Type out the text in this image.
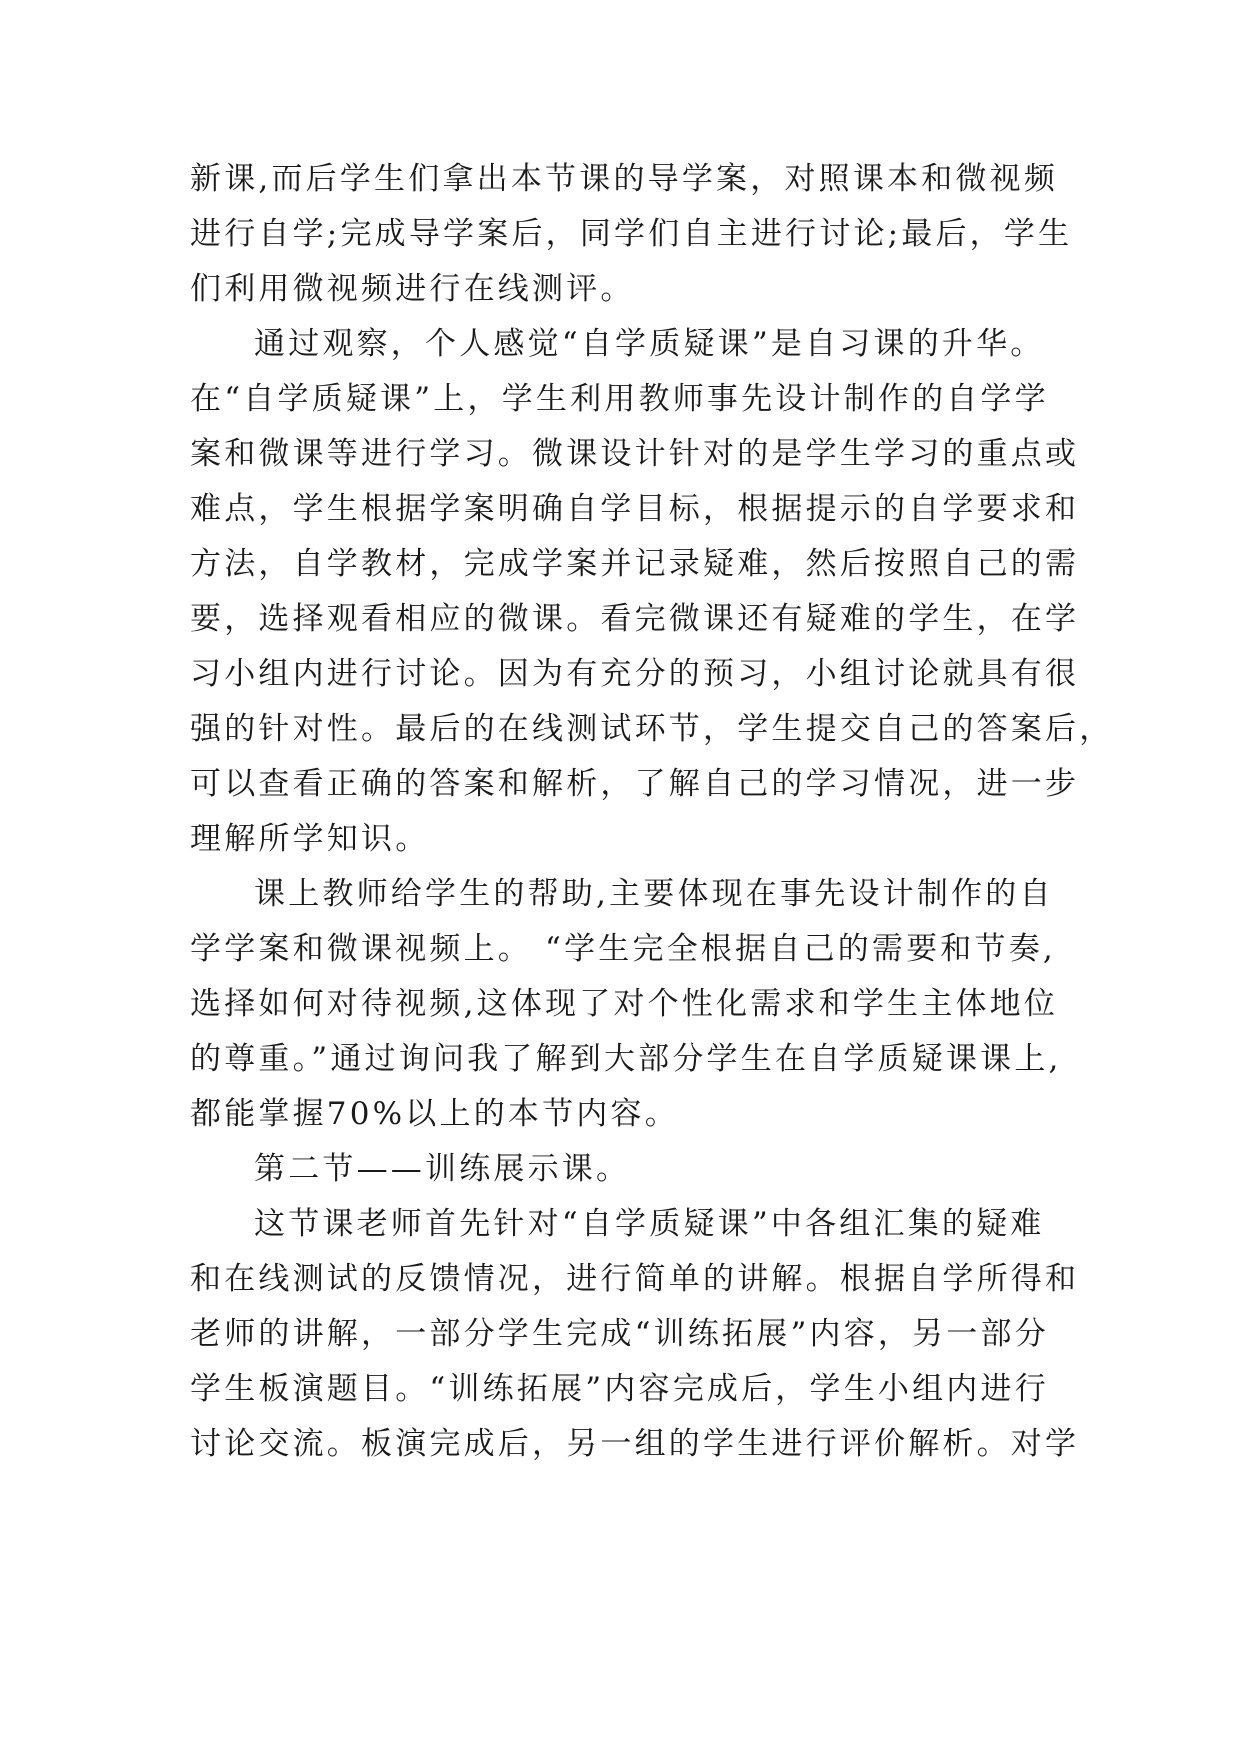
新课,而后学生们拿出本节课的导学案，对照课本和微视频
进行自学;完成导学案后，同学们自主进行讨论;最后，学生
们利用微视频进行在线测评。
通过观察，个人感觉“自学质疑课”是自习课的升华。
在“自学质疑课”上，学生利用教师事先设计制作的自学学
案和微课等进行学习。微课设计针对的是学生学习的重点或
难点，学生根据学案明确自学目标，根据提示的自学要求和
方法，自学教材，完成学案并记录疑难，然后按照自己的需
要，选择观看相应的微课。看完微课还有疑难的学生，在学
习小组内进行讨论。因为有充分的预习，小组讨论就具有很
强的针对性。最后的在线测试环节，学生提交自己的答案后，
可以查看正确的答案和解析，了解自己的学习情况，进一步
理解所学知识。
课上教师给学生的帮助,主要体现在事先设计制作的自
学学案和微课视频上。 “学生完全根据自己的需要和节奏,
选择如何对待视频,这体现了对个性化需求和学生主体地位
的尊重。”通过询问我了解到大部分学生在自学质疑课课上,
都能掌握70%以上的本节内容。
第二节——训练展示课。
这节课老师首先针对“自学质疑课”中各组汇集的疑难
和在线测试的反馈情况，进行简单的讲解。根据自学所得和
老师的讲解，一部分学生完成“训练拓展”内容，另一部分
学生板演题目。“训练拓展”内容完成后，学生小组内进行
讨论交流。板演完成后，另一组的学生进行评价解析。对学
